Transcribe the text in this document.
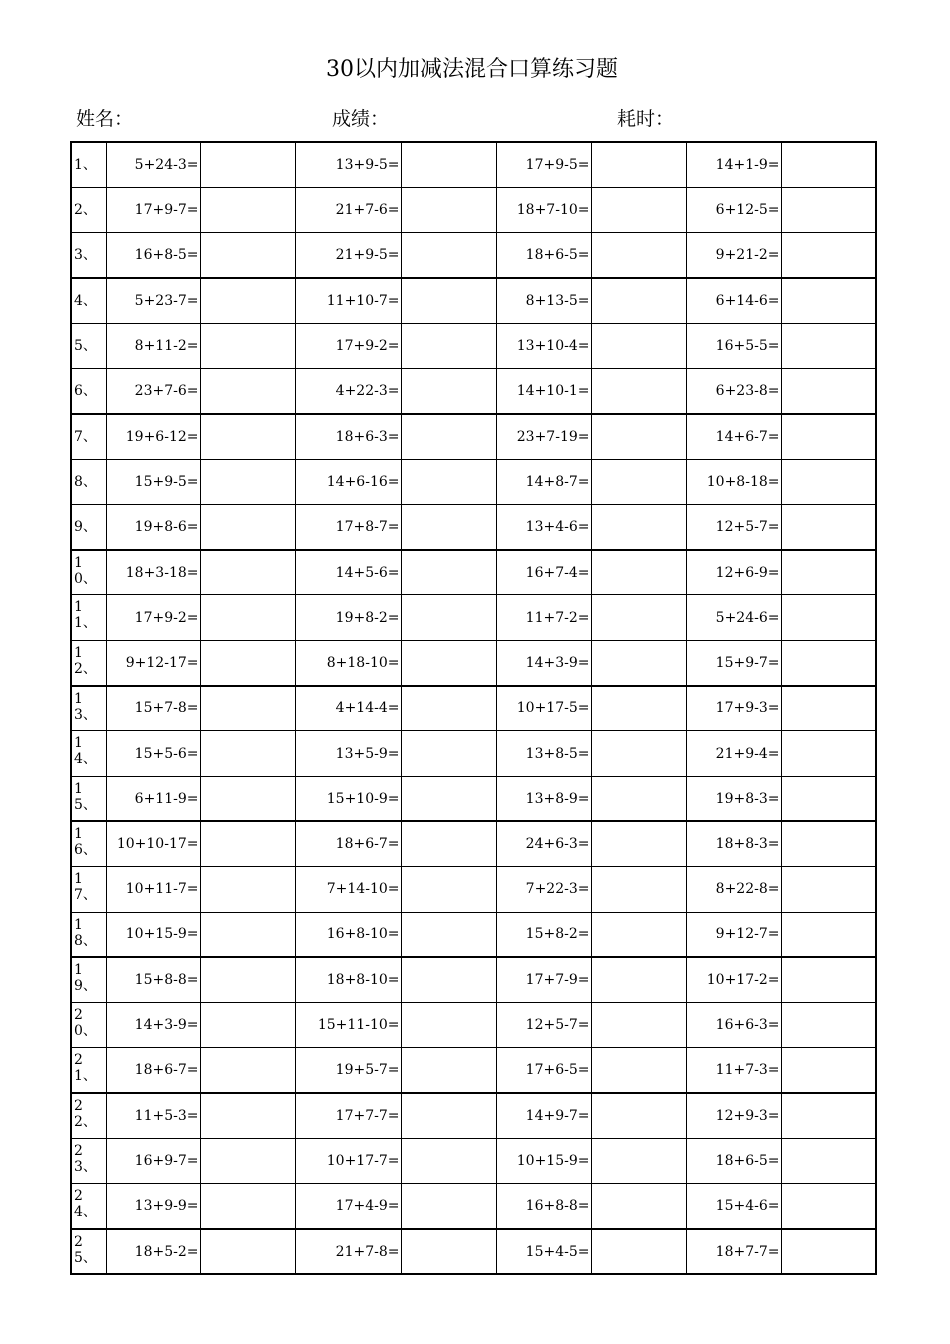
30以内加减法混合口算练习题
姓名：	成绩：	耗时：
1、	5+24-3=		13+9-5=		17+9-5=		14+1-9=	
2、	17+9-7=		21+7-6=		18+7-10=		6+12-5=	
3、	16+8-5=		21+9-5=		18+6-5=		9+21-2=	
4、	5+23-7=		11+10-7=		8+13-5=		6+14-6=	
5、	8+11-2=		17+9-2=		13+10-4=		16+5-5=	
6、	23+7-6=		4+22-3=		14+10-1=		6+23-8=	
7、	19+6-12=		18+6-3=		23+7-19=		14+6-7=	
8、	15+9-5=		14+6-16=		14+8-7=		10+8-18=	
9、	19+8-6=		17+8-7=		13+4-6=		12+5-7=	
10、	18+3-18=		14+5-6=		16+7-4=		12+6-9=	
11、	17+9-2=		19+8-2=		11+7-2=		5+24-6=	
12、	9+12-17=		8+18-10=		14+3-9=		15+9-7=	
13、	15+7-8=		4+14-4=		10+17-5=		17+9-3=	
14、	15+5-6=		13+5-9=		13+8-5=		21+9-4=	
15、	6+11-9=		15+10-9=		13+8-9=		19+8-3=	
16、	10+10-17=		18+6-7=		24+6-3=		18+8-3=	
17、	10+11-7=		7+14-10=		7+22-3=		8+22-8=	
18、	10+15-9=		16+8-10=		15+8-2=		9+12-7=	
19、	15+8-8=		18+8-10=		17+7-9=		10+17-2=	
20、	14+3-9=		15+11-10=		12+5-7=		16+6-3=	
21、	18+6-7=		19+5-7=		17+6-5=		11+7-3=	
22、	11+5-3=		17+7-7=		14+9-7=		12+9-3=	
23、	16+9-7=		10+17-7=		10+15-9=		18+6-5=	
24、	13+9-9=		17+4-9=		16+8-8=		15+4-6=	
25、	18+5-2=		21+7-8=		15+4-5=		18+7-7=	
